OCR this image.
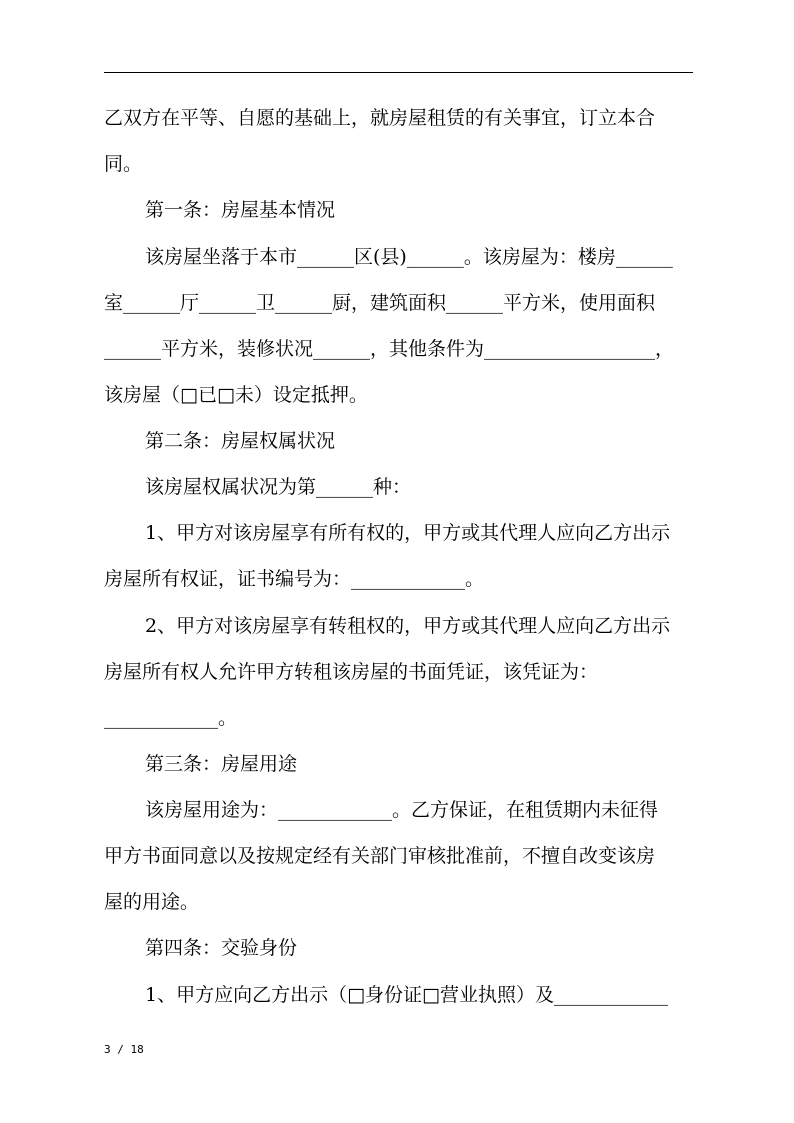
乙双方在平等、自愿的基础上，就房屋租赁的有关事宜，订立本合
同。
第一条：房屋基本情况
该房屋坐落于本市______区(县)______。该房屋为：楼房______
室______厅______卫______厨，建筑面积______平方米，使用面积
______平方米，装修状况______，其他条件为__________________，
该房屋（□已□未）设定抵押。
第二条：房屋权属状况
该房屋权属状况为第______种：
1、甲方对该房屋享有所有权的，甲方或其代理人应向乙方出示
房屋所有权证，证书编号为：____________。
2、甲方对该房屋享有转租权的，甲方或其代理人应向乙方出示
房屋所有权人允许甲方转租该房屋的书面凭证，该凭证为：
____________。
第三条：房屋用途
该房屋用途为：____________。乙方保证，在租赁期内未征得
甲方书面同意以及按规定经有关部门审核批准前，不擅自改变该房
屋的用途。
第四条：交验身份
1、甲方应向乙方出示（□身份证□营业执照）及____________
3 / 18
